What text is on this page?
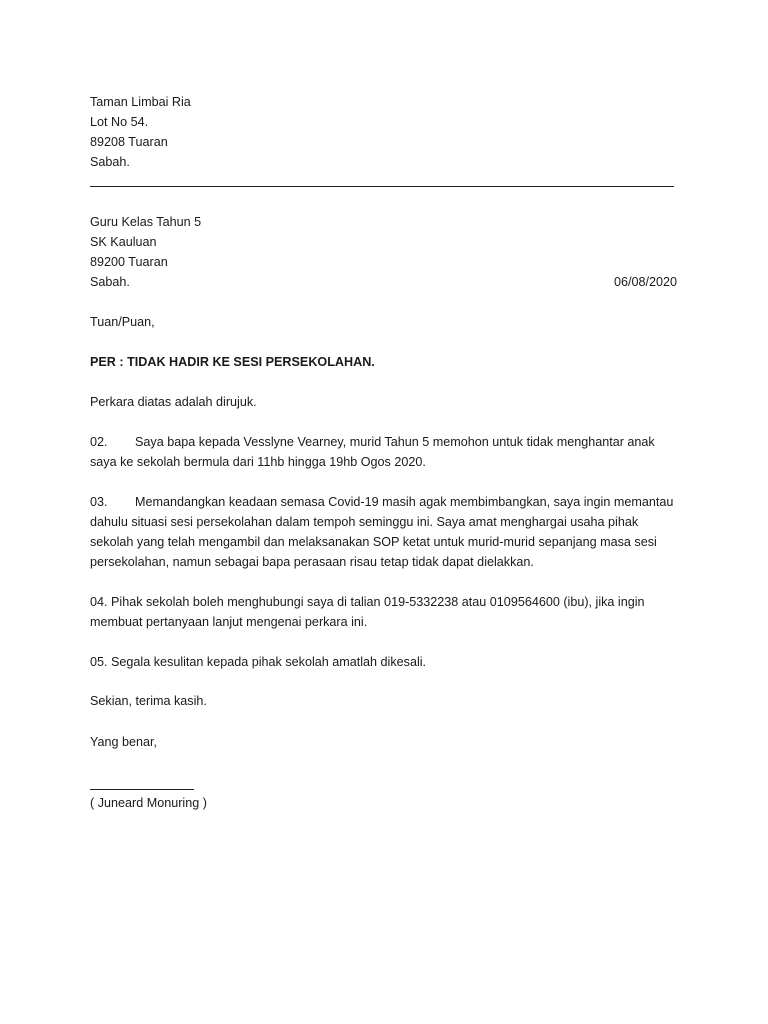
Taman Limbai Ria
Lot No 54.
89208 Tuaran
Sabah.
Guru Kelas Tahun 5
SK Kauluan
89200 Tuaran
Sabah.	06/08/2020
Tuan/Puan,
PER : TIDAK HADIR KE SESI PERSEKOLAHAN.
Perkara diatas adalah dirujuk.
02. Saya bapa kepada Vesslyne Vearney, murid Tahun 5 memohon untuk tidak menghantar anak
saya ke sekolah bermula dari 11hb hingga 19hb Ogos 2020.
03. Memandangkan keadaan semasa Covid-19 masih agak membimbangkan, saya ingin memantau
dahulu situasi sesi persekolahan dalam tempoh seminggu ini. Saya amat menghargai usaha pihak
sekolah yang telah mengambil dan melaksanakan SOP ketat untuk murid-murid sepanjang masa sesi
persekolahan, namun sebagai bapa perasaan risau tetap tidak dapat dielakkan.
04. Pihak sekolah boleh menghubungi saya di talian 019-5332238 atau 0109564600 (ibu), jika ingin
membuat pertanyaan lanjut mengenai perkara ini.
05. Segala kesulitan kepada pihak sekolah amatlah dikesali.
Sekian, terima kasih.
Yang benar,
( Juneard Monuring )
